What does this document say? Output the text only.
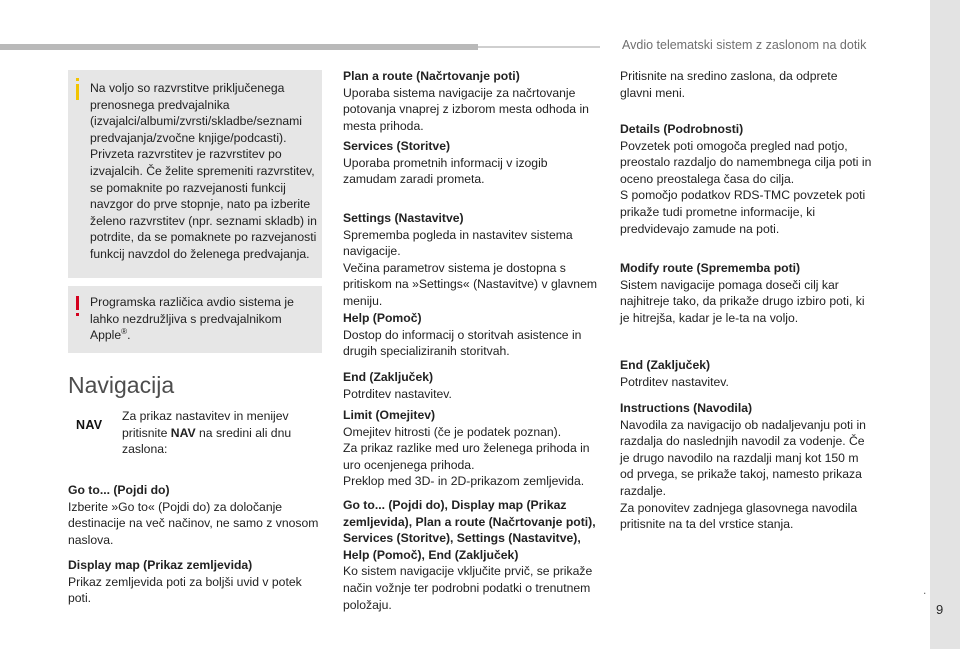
Avdio telematski sistem z zaslonom na dotik
.
9

Na voljo so razvrstitve priključenega prenosnega predvajalnika (izvajalci/albumi/zvrsti/skladbe/seznami predvajanja/zvočne knjige/podcasti). Privzeta razvrstitev je razvrstitev po izvajalcih. Če želite spremeniti razvrstitev, se pomaknite po razvejanosti funkcij navzgor do prve stopnje, nato pa izberite želeno razvrstitev (npr. seznami skladb) in potrdite, da se pomaknete po razvejanosti funkcij navzdol do želenega predvajanja.

Programska različica avdio sistema je lahko nezdružljiva s predvajalnikom Apple®.

Navigacija
NAV
Za prikaz nastavitev in menijev pritisnite NAV na sredini ali dnu zaslona:
Go to... (Pojdi do)
Izberite »Go to« (Pojdi do) za določanje destinacije na več načinov, ne samo z vnosom naslova.
Display map (Prikaz zemljevida)
Prikaz zemljevida poti za boljši uvid v potek poti.
Plan a route (Načrtovanje poti)
Uporaba sistema navigacije za načrtovanje potovanja vnaprej z izborom mesta odhoda in mesta prihoda.
Services (Storitve)
Uporaba prometnih informacij v izogib zamudam zaradi prometa.
Settings (Nastavitve)
Sprememba pogleda in nastavitev sistema navigacije.
Večina parametrov sistema je dostopna s pritiskom na »Settings« (Nastavitve) v glavnem meniju.
Help (Pomoč)
Dostop do informacij o storitvah asistence in drugih specializiranih storitvah.
End (Zaključek)
Potrditev nastavitev.
Limit (Omejitev)
Omejitev hitrosti (če je podatek poznan).
Za prikaz razlike med uro želenega prihoda in uro ocenjenega prihoda.
Preklop med 3D- in 2D-prikazom zemljevida.
Go to... (Pojdi do), Display map (Prikaz zemljevida), Plan a route (Načrtovanje poti), Services (Storitve), Settings (Nastavitve), Help (Pomoč), End (Zaključek)
Ko sistem navigacije vključite prvič, se prikaže način vožnje ter podrobni podatki o trenutnem položaju.
Pritisnite na sredino zaslona, da odprete glavni meni.
Details (Podrobnosti)
Povzetek poti omogoča pregled nad potjo, preostalo razdaljo do namembnega cilja poti in oceno preostalega časa do cilja.
S pomočjo podatkov RDS-TMC povzetek poti prikaže tudi prometne informacije, ki predvidevajo zamude na poti.
Modify route (Sprememba poti)
Sistem navigacije pomaga doseči cilj kar najhitreje tako, da prikaže drugo izbiro poti, ki je hitrejša, kadar je le-ta na voljo.
End (Zaključek)
Potrditev nastavitev.
Instructions (Navodila)
Navodila za navigacijo ob nadaljevanju poti in razdalja do naslednjih navodil za vodenje. Če je drugo navodilo na razdalji manj kot 150 m od prvega, se prikaže takoj, namesto prikaza razdalje.
Za ponovitev zadnjega glasovnega navodila pritisnite na ta del vrstice stanja.
